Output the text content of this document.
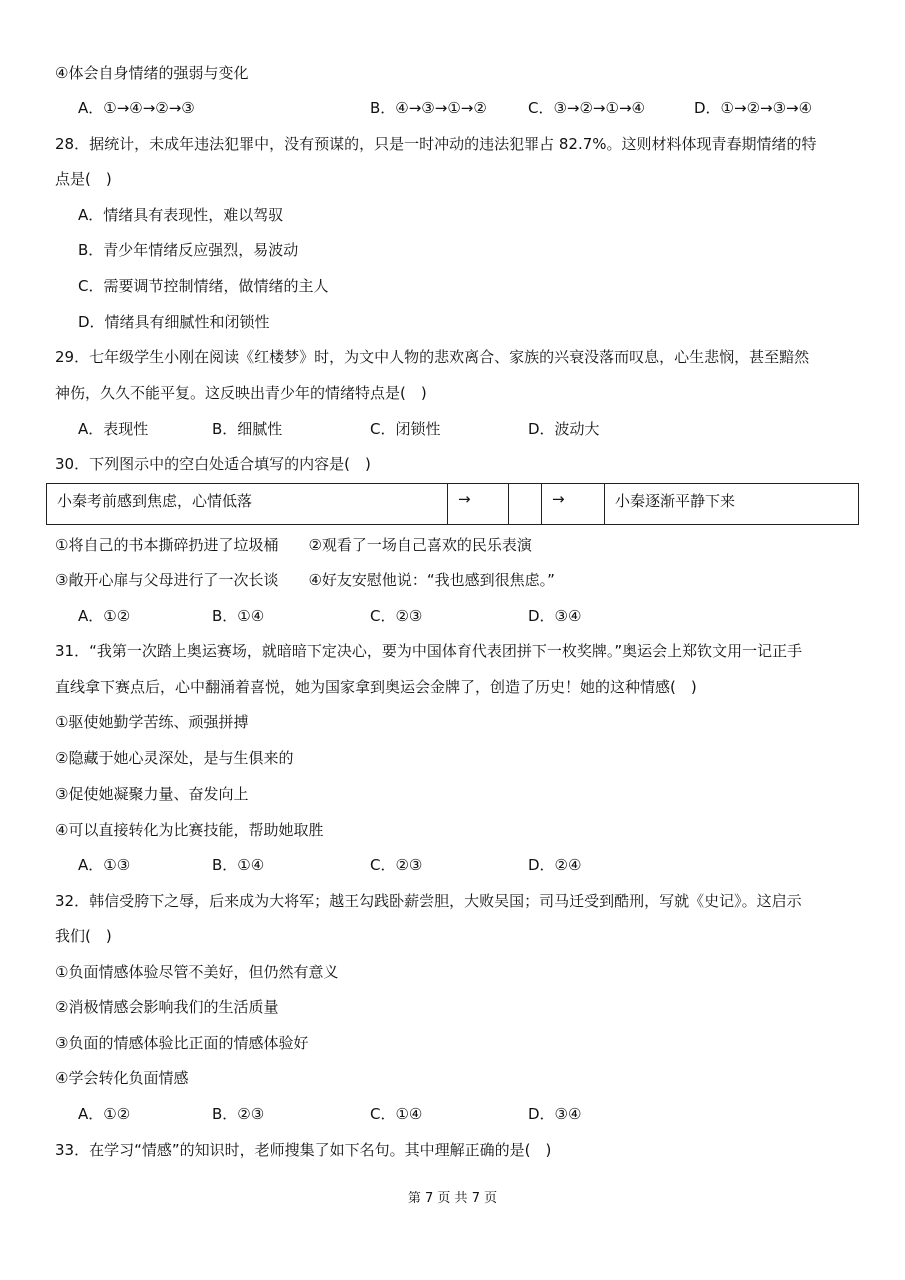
④体会自身情绪的强弱与变化
A．①→④→②→③	B．④→③→①→②	C．③→②→①→④	D．①→②→③→④
28．据统计，未成年违法犯罪中，没有预谋的，只是一时冲动的违法犯罪占 82.7%。这则材料体现青春期情绪的特
点是(　)
A．情绪具有表现性，难以驾驭
B．青少年情绪反应强烈，易波动
C．需要调节控制情绪，做情绪的主人
D．情绪具有细腻性和闭锁性
29．七年级学生小刚在阅读《红楼梦》时，为文中人物的悲欢离合、家族的兴衰没落而叹息，心生悲悯，甚至黯然
神伤，久久不能平复。这反映出青少年的情绪特点是(　)
A．表现性	B．细腻性	C．闭锁性	D．波动大
30．下列图示中的空白处适合填写的内容是(　)
小秦考前感到焦虑，心情低落	→		→	小秦逐渐平静下来
①将自己的书本撕碎扔进了垃圾桶　　②观看了一场自己喜欢的民乐表演
③敞开心扉与父母进行了一次长谈　　④好友安慰他说：“我也感到很焦虑。”
A．①②	B．①④	C．②③	D．③④
31．“我第一次踏上奥运赛场，就暗暗下定决心，要为中国体育代表团拼下一枚奖牌。”奥运会上郑钦文用一记正手
直线拿下赛点后，心中翻涌着喜悦，她为国家拿到奥运会金牌了，创造了历史！她的这种情感(　)
①驱使她勤学苦练、顽强拼搏
②隐藏于她心灵深处，是与生俱来的
③促使她凝聚力量、奋发向上
④可以直接转化为比赛技能，帮助她取胜
A．①③	B．①④	C．②③	D．②④
32．韩信受胯下之辱，后来成为大将军；越王勾践卧薪尝胆，大败吴国；司马迁受到酷刑，写就《史记》。这启示
我们(　)
①负面情感体验尽管不美好，但仍然有意义
②消极情感会影响我们的生活质量
③负面的情感体验比正面的情感体验好
④学会转化负面情感
A．①②	B．②③	C．①④	D．③④
33．在学习“情感”的知识时，老师搜集了如下名句。其中理解正确的是(　)
第 7 页 共 7 页
